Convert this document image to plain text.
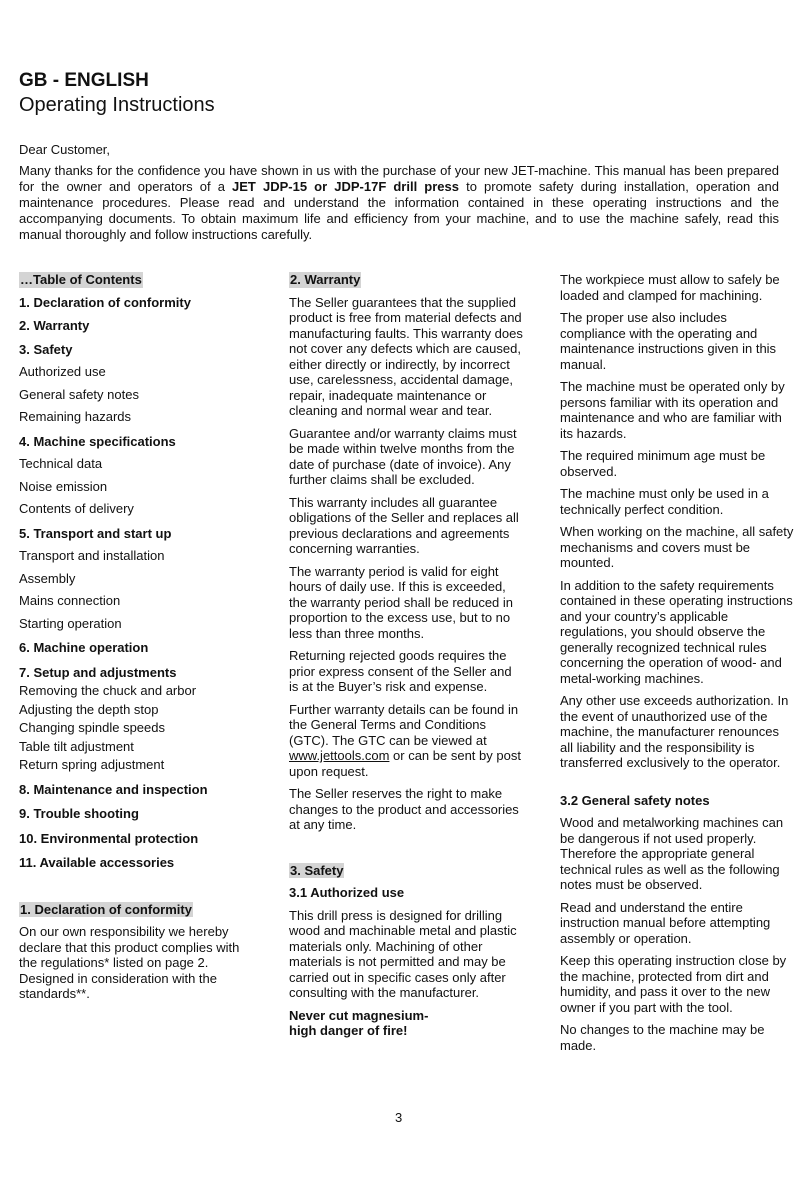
GB - ENGLISH
Operating Instructions
Dear Customer,

Many thanks for the confidence you have shown in us with the purchase of your new JET-machine. This manual has been prepared for the owner and operators of a JET JDP-15 or JDP-17F drill press to promote safety during installation, operation and maintenance procedures. Please read and understand the information contained in these operating instructions and the accompanying documents. To obtain maximum life and efficiency from your machine, and to use the machine safely, read this manual thoroughly and follow instructions carefully.

…Table of Contents

1. Declaration of conformity

2. Warranty

3. Safety

Authorized use

General safety notes

Remaining hazards

4. Machine specifications

Technical data

Noise emission

Contents of delivery

5. Transport and start up

Transport and installation

Assembly

Mains connection

Starting operation

6. Machine operation

7. Setup and adjustments

Removing the chuck and arbor

Adjusting the depth stop

Changing spindle speeds

Table tilt adjustment

Return spring adjustment

8. Maintenance and inspection

9. Trouble shooting

10. Environmental protection

11. Available accessories

1. Declaration of conformity

On our own responsibility we hereby declare that this product complies with the regulations* listed on page 2. Designed in consideration with the standards**.

2. Warranty

The Seller guarantees that the supplied product is free from material defects and manufacturing faults. This warranty does not cover any defects which are caused, either directly or indirectly, by incorrect use, carelessness, accidental damage, repair, inadequate maintenance or cleaning and normal wear and tear.

Guarantee and/or warranty claims must be made within twelve months from the date of purchase (date of invoice). Any further claims shall be excluded.

This warranty includes all guarantee obligations of the Seller and replaces all previous declarations and agreements concerning warranties.

The warranty period is valid for eight hours of daily use. If this is exceeded, the warranty period shall be reduced in proportion to the excess use, but to no less than three months.

Returning rejected goods requires the prior express consent of the Seller and is at the Buyer’s risk and expense.

Further warranty details can be found in the General Terms and Conditions (GTC). The GTC can be viewed at www.jettools.com or can be sent by post upon request.

The Seller reserves the right to make changes to the product and accessories at any time.

3. Safety

3.1 Authorized use

This drill press is designed for drilling wood and machinable metal and plastic materials only. Machining of other materials is not permitted and may be carried out in specific cases only after consulting with the manufacturer.

Never cut magnesium-

high danger of fire!

The workpiece must allow to safely be loaded and clamped for machining.

The proper use also includes compliance with the operating and maintenance instructions given in this manual.

The machine must be operated only by persons familiar with its operation and maintenance and who are familiar with its hazards.

The required minimum age must be observed.

The machine must only be used in a technically perfect condition.

When working on the machine, all safety mechanisms and covers must be mounted.

In addition to the safety requirements contained in these operating instructions and your country’s applicable regulations, you should observe the generally recognized technical rules concerning the operation of wood- and metal-working machines.

Any other use exceeds authorization. In the event of unauthorized use of the machine, the manufacturer renounces all liability and the responsibility is transferred exclusively to the operator.

3.2 General safety notes

Wood and metalworking machines can be dangerous if not used properly. Therefore the appropriate general technical rules as well as the following notes must be observed.

Read and understand the entire instruction manual before attempting assembly or operation.

Keep this operating instruction close by the machine, protected from dirt and humidity, and pass it over to the new owner if you part with the tool.

No changes to the machine may be made.

3
